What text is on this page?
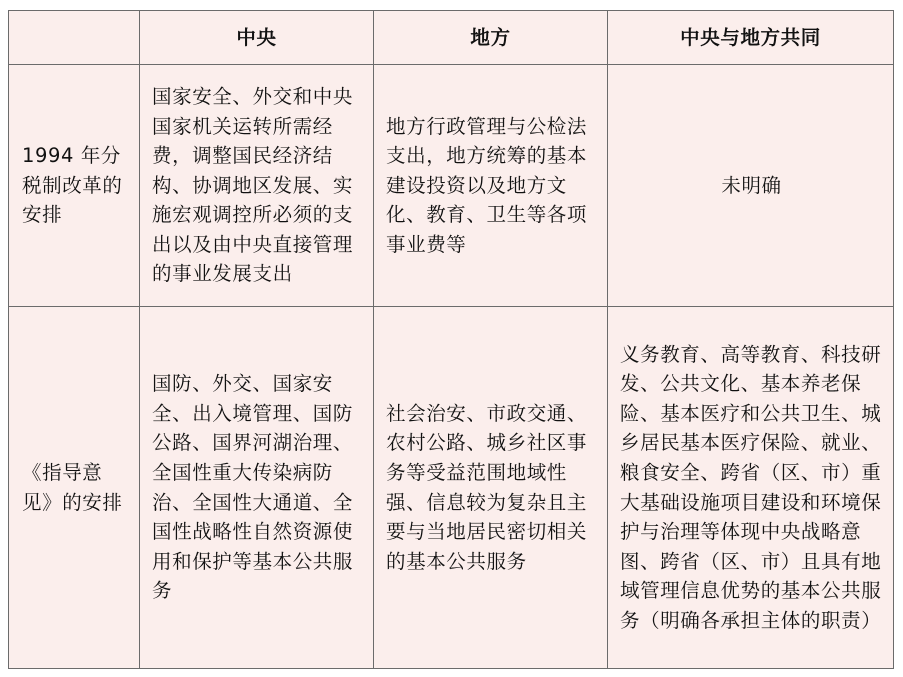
	中央	地方	中央与地方共同
1994 年分税制改革的安排	国家安全、外交和中央国家机关运转所需经费，调整国民经济结构、协调地区发展、实施宏观调控所必须的支出以及由中央直接管理的事业发展支出	地方行政管理与公检法支出，地方统筹的基本建设投资以及地方文化、教育、卫生等各项事业费等	未明确
《指导意见》的安排	国防、外交、国家安全、出入境管理、国防公路、国界河湖治理、全国性重大传染病防治、全国性大通道、全国性战略性自然资源使用和保护等基本公共服务	社会治安、市政交通、农村公路、城乡社区事务等受益范围地域性强、信息较为复杂且主要与当地居民密切相关的基本公共服务	义务教育、高等教育、科技研发、公共文化、基本养老保险、基本医疗和公共卫生、城乡居民基本医疗保险、就业、粮食安全、跨省（区、市）重大基础设施项目建设和环境保护与治理等体现中央战略意图、跨省（区、市）且具有地域管理信息优势的基本公共服务（明确各承担主体的职责）
